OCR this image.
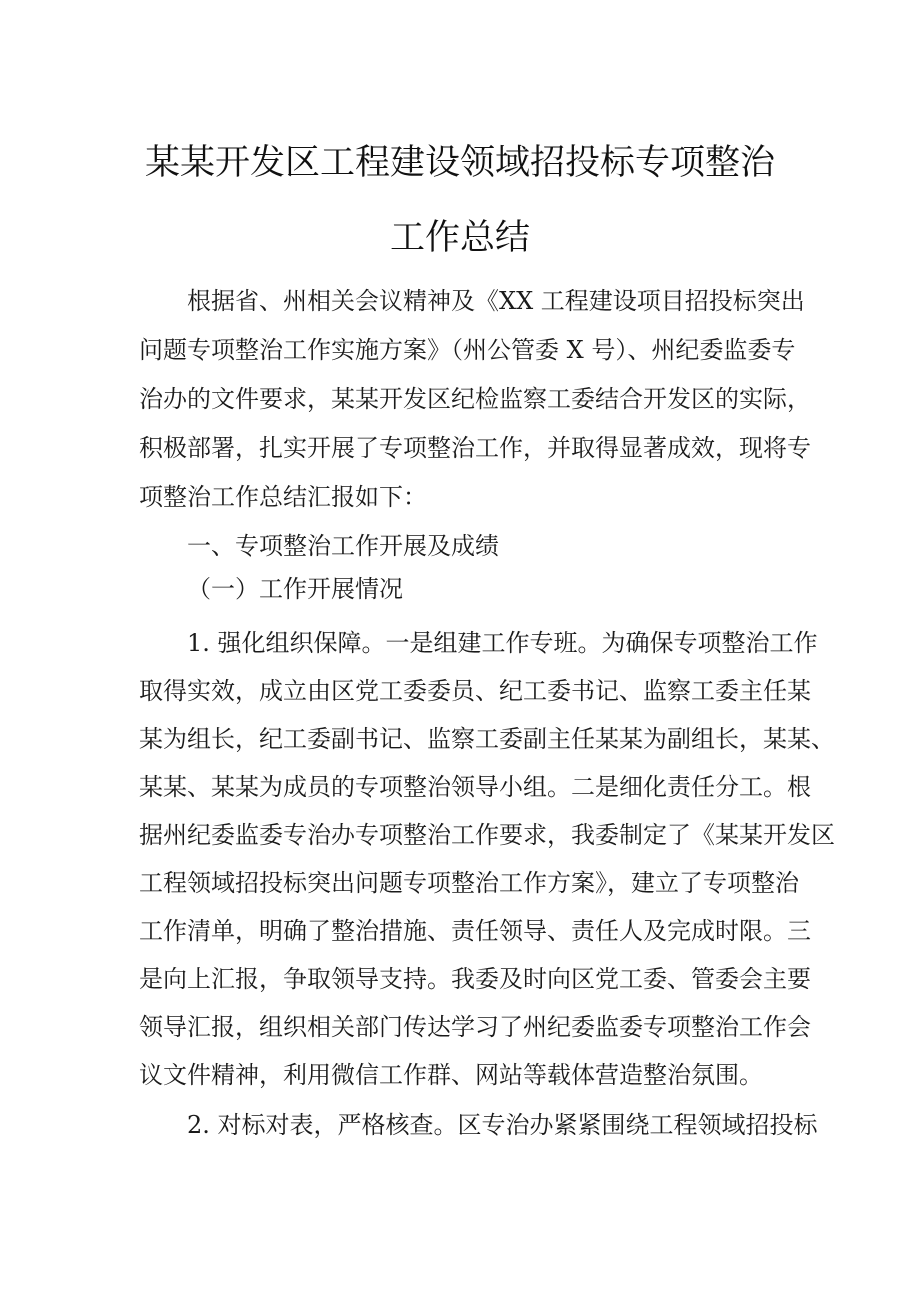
某某开发区工程建设领域招投标专项整治
工作总结
根据省、州相关会议精神及《XX 工程建设项目招投标突出
问题专项整治工作实施方案》（州公管委 X 号）、州纪委监委专
治办的文件要求，某某开发区纪检监察工委结合开发区的实际，
积极部署，扎实开展了专项整治工作，并取得显著成效，现将专
项整治工作总结汇报如下：
一、专项整治工作开展及成绩
（一）工作开展情况
1. 强化组织保障。一是组建工作专班。为确保专项整治工作
取得实效，成立由区党工委委员、纪工委书记、监察工委主任某
某为组长，纪工委副书记、监察工委副主任某某为副组长，某某、
某某、某某为成员的专项整治领导小组。二是细化责任分工。根
据州纪委监委专治办专项整治工作要求，我委制定了《某某开发区
工程领域招投标突出问题专项整治工作方案》，建立了专项整治
工作清单，明确了整治措施、责任领导、责任人及完成时限。三
是向上汇报，争取领导支持。我委及时向区党工委、管委会主要
领导汇报，组织相关部门传达学习了州纪委监委专项整治工作会
议文件精神，利用微信工作群、网站等载体营造整治氛围。
2. 对标对表，严格核查。区专治办紧紧围绕工程领域招投标
